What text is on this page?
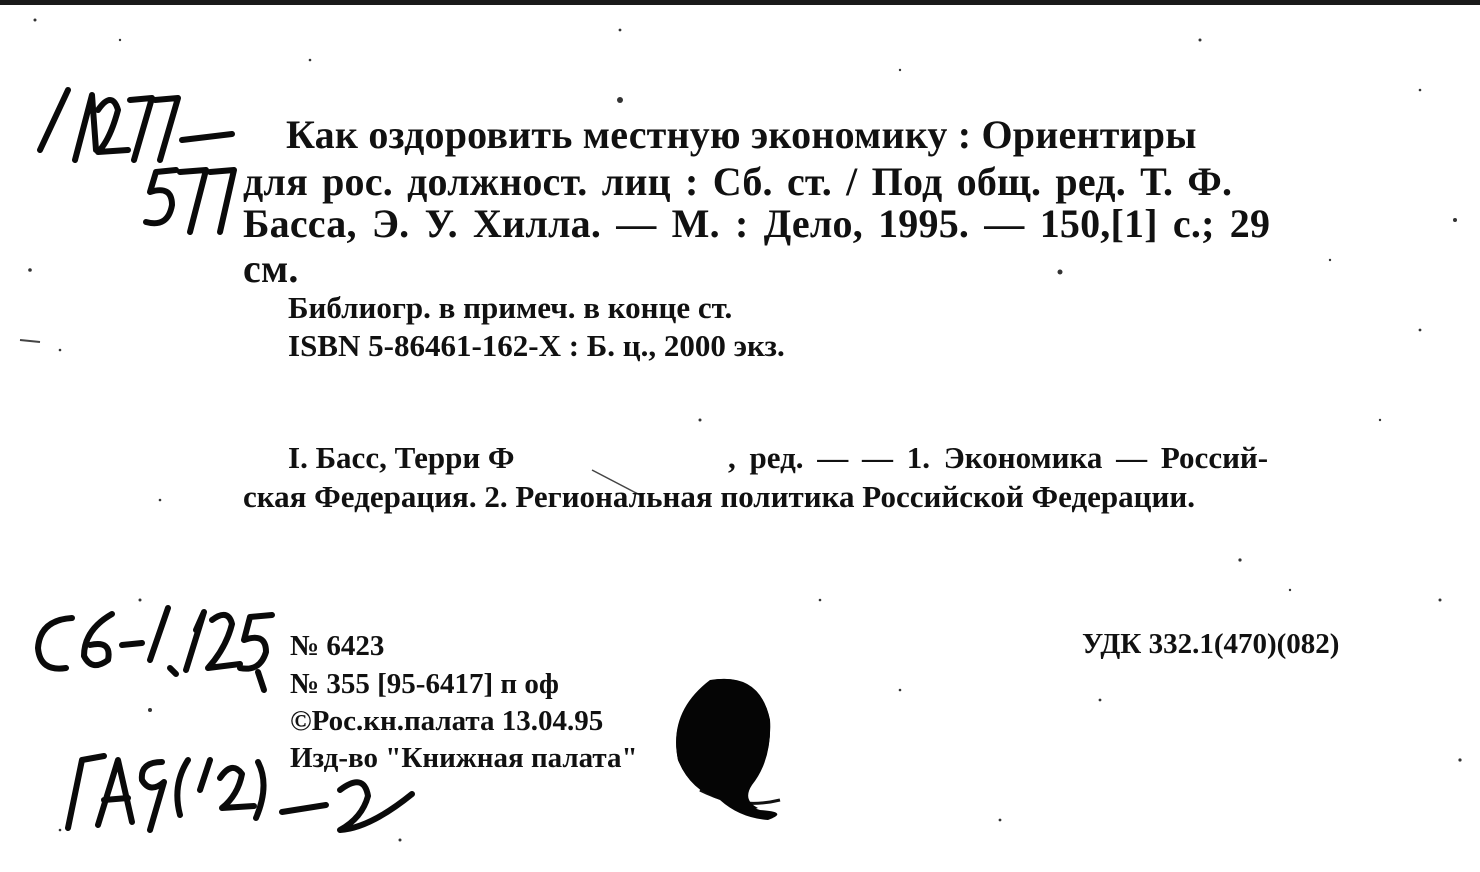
Как оздоровить местную экономику : Ориентиры
для рос. должност. лиц : Сб. ст. / Под общ. ред. Т. Ф.
Басса, Э. У. Хилла. — М. : Дело, 1995. — 150,[1] с.; 29
см.
Библиогр. в примеч. в конце ст.
ISBN 5-86461-162-X : Б. ц., 2000 экз.
I. Басс, Терри Ф	, ред. — — 1. Экономика — Россий-
ская Федерация. 2. Региональная политика Российской Федерации.
№ 6423
№ 355 [95-6417] п оф
©Рос.кн.палата 13.04.95
Изд-во "Книжная палата"
УДК 332.1(470)(082)
